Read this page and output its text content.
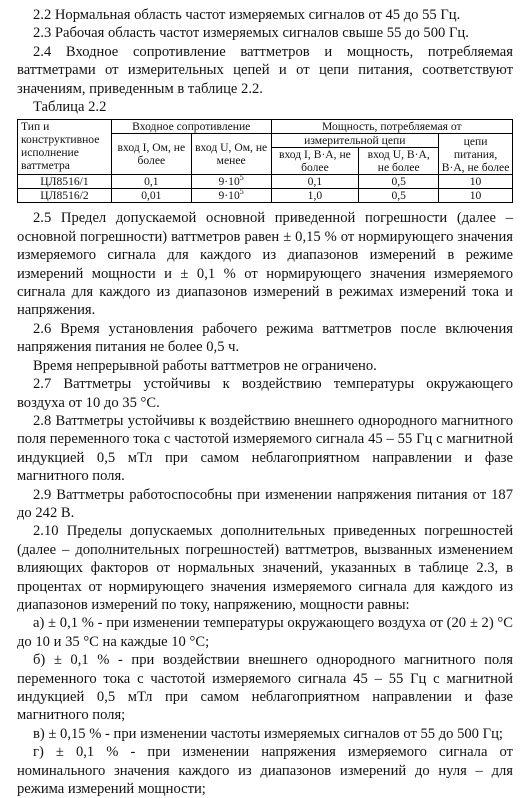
2.2 Нормальная область частот измеряемых сигналов от 45 до 55 Гц.

2.3 Рабочая область частот измеряемых сигналов свыше 55 до 500 Гц.

2.4 Входное сопротивление ваттметров и мощность, потребляемая ваттметрами от измерительных цепей и от цепи питания, соответствуют значениям, приведенным в таблице 2.2.

Таблица 2.2

Тип и конструктивное исполнение ваттметра	Входное сопротивление		Мощность, потребляемая от		
	вход I, Ом, не более	вход U, Ом, не менее	измерительной цепи		цепи питания, В·А, не более
			вход I, В·А, не более	вход U, В·А, не более	
ЦЛ8516/1	0,1	$9\cdot 10^5$	0,1	0,5	10
ЦЛ8516/2	0,01	$9\cdot 10^5$	1,0	0,5	10

2.5 Предел допускаемой основной приведенной погрешности (далее – основной погрешности) ваттметров равен ± 0,15 % от нормирующего значения измеряемого сигнала для каждого из диапазонов измерений в режиме измерений мощности и ± 0,1 % от нормирующего значения измеряемого сигнала для каждого из диапазонов измерений в режимах измерений тока и напряжения.

2.6 Время установления рабочего режима ваттметров после включения напряжения питания не более 0,5 ч.

Время непрерывной работы ваттметров не ограничено.

2.7 Ваттметры устойчивы к воздействию температуры окружающего воздуха от 10 до 35 °С.

2.8 Ваттметры устойчивы к воздействию внешнего однородного магнитного поля переменного тока с частотой измеряемого сигнала 45 – 55 Гц с магнитной индукцией 0,5 мТл при самом неблагоприятном направлении и фазе магнитного поля.

2.9 Ваттметры работоспособны при изменении напряжения питания от 187 до 242 В.

2.10 Пределы допускаемых дополнительных приведенных погрешностей (далее – дополнительных погрешностей) ваттметров, вызванных изменением влияющих факторов от нормальных значений, указанных в таблице 2.3, в процентах от нормирующего значения измеряемого сигнала для каждого из диапазонов измерений по току, напряжению, мощности равны:

а) ± 0,1 % - при изменении температуры окружающего воздуха от (20 ± 2) °С до 10 и 35 °С на каждые 10 °С;

б) ± 0,1 % - при воздействии внешнего однородного магнитного поля переменного тока с частотой измеряемого сигнала 45 – 55 Гц с магнитной индукцией 0,5 мТл при самом неблагоприятном направлении и фазе магнитного поля;

в) ± 0,15 % - при изменении частоты измеряемых сигналов от 55 до 500 Гц;

г) ± 0,1 % - при изменении напряжения измеряемого сигнала от номинального значения каждого из диапазонов измерений до нуля – для режима измерений мощности;
